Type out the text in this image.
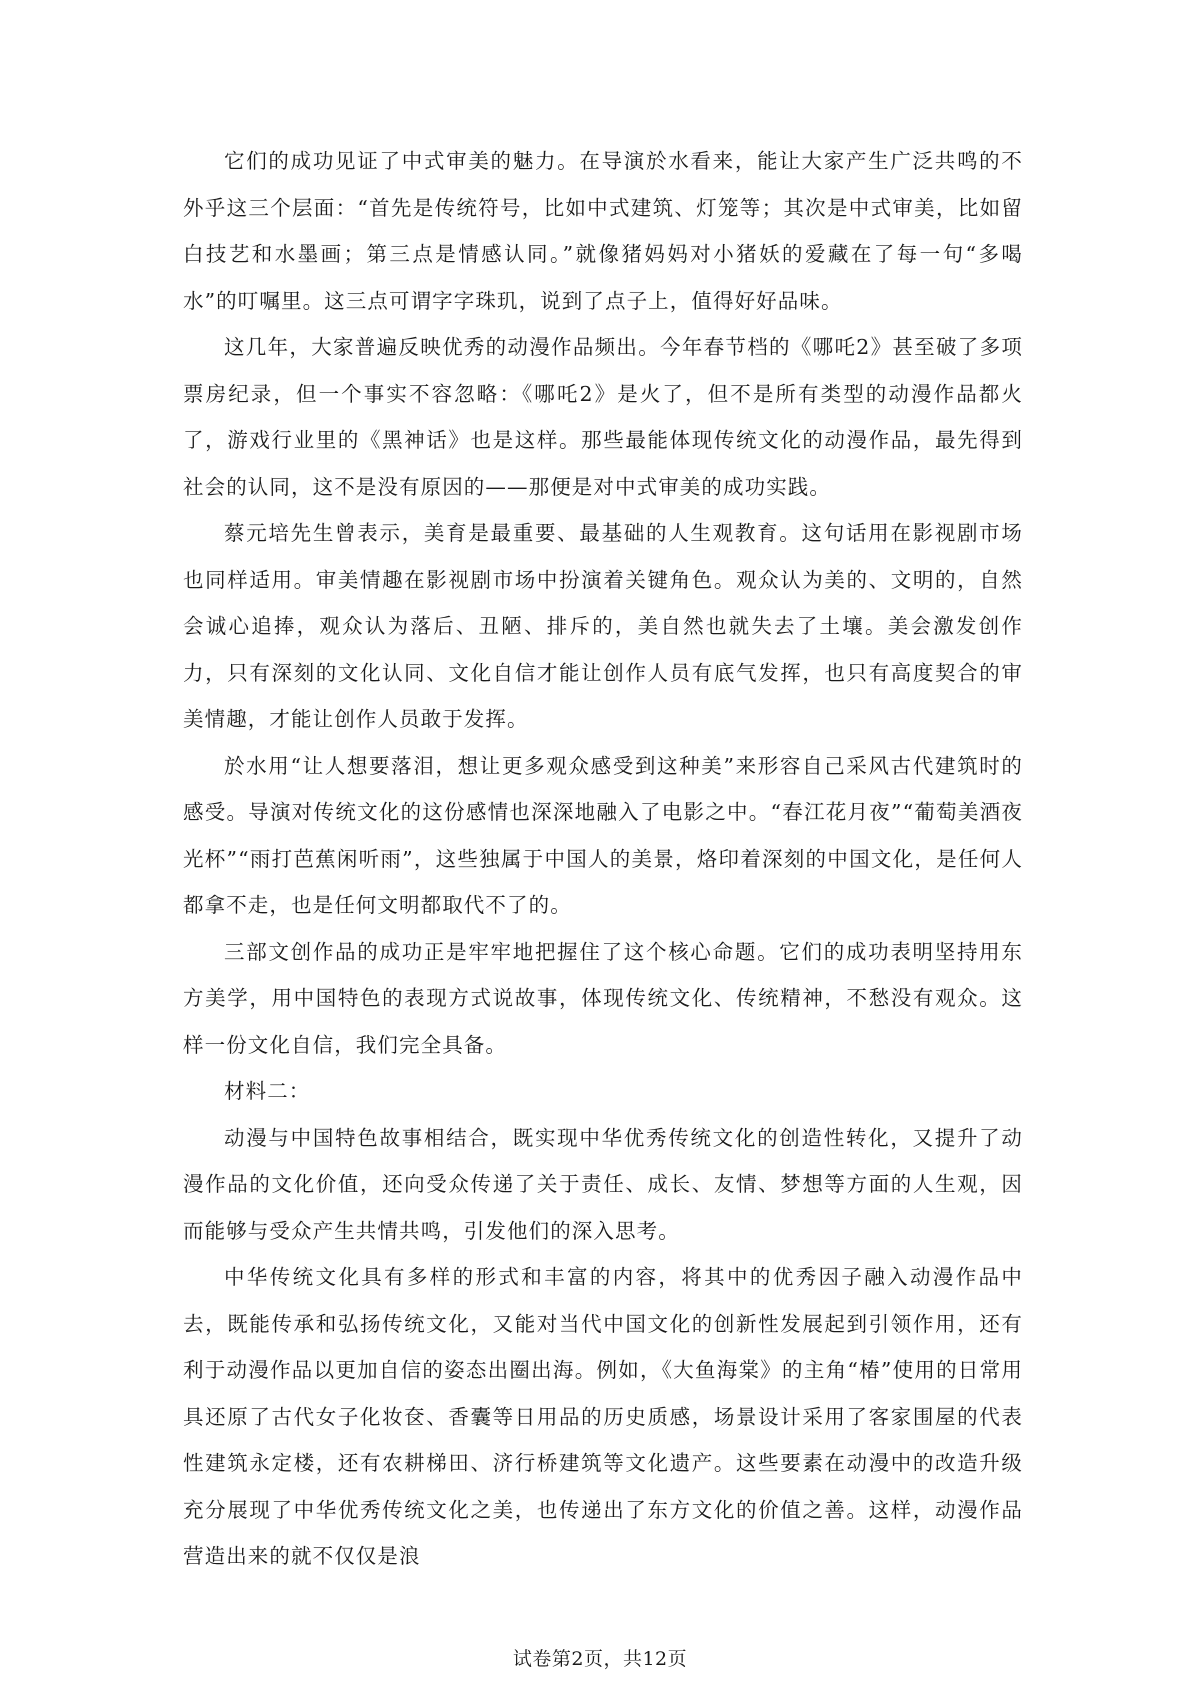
它们的成功见证了中式审美的魅力。在导演於水看来，能让大家产生广泛共鸣的不外乎这三个层面：“首先是传统符号，比如中式建筑、灯笼等；其次是中式审美，比如留白技艺和水墨画；第三点是情感认同。”就像猪妈妈对小猪妖的爱藏在了每一句“多喝水”的叮嘱里。这三点可谓字字珠玑，说到了点子上，值得好好品味。

这几年，大家普遍反映优秀的动漫作品频出。今年春节档的《哪吒2》甚至破了多项票房纪录，但一个事实不容忽略：《哪吒2》是火了，但不是所有类型的动漫作品都火了，游戏行业里的《黑神话》也是这样。那些最能体现传统文化的动漫作品，最先得到社会的认同，这不是没有原因的——那便是对中式审美的成功实践。

蔡元培先生曾表示，美育是最重要、最基础的人生观教育。这句话用在影视剧市场也同样适用。审美情趣在影视剧市场中扮演着关键角色。观众认为美的、文明的，自然会诚心追捧，观众认为落后、丑陋、排斥的，美自然也就失去了土壤。美会激发创作力，只有深刻的文化认同、文化自信才能让创作人员有底气发挥，也只有高度契合的审美情趣，才能让创作人员敢于发挥。

於水用“让人想要落泪，想让更多观众感受到这种美”来形容自己采风古代建筑时的感受。导演对传统文化的这份感情也深深地融入了电影之中。“春江花月夜”“葡萄美酒夜光杯”“雨打芭蕉闲听雨”，这些独属于中国人的美景，烙印着深刻的中国文化，是任何人都拿不走，也是任何文明都取代不了的。

三部文创作品的成功正是牢牢地把握住了这个核心命题。它们的成功表明坚持用东方美学，用中国特色的表现方式说故事，体现传统文化、传统精神，不愁没有观众。这样一份文化自信，我们完全具备。

材料二：

动漫与中国特色故事相结合，既实现中华优秀传统文化的创造性转化，又提升了动漫作品的文化价值，还向受众传递了关于责任、成长、友情、梦想等方面的人生观，因而能够与受众产生共情共鸣，引发他们的深入思考。

中华传统文化具有多样的形式和丰富的内容，将其中的优秀因子融入动漫作品中去，既能传承和弘扬传统文化，又能对当代中国文化的创新性发展起到引领作用，还有利于动漫作品以更加自信的姿态出圈出海。例如，《大鱼海棠》的主角“椿”使用的日常用具还原了古代女子化妆奁、香囊等日用品的历史质感，场景设计采用了客家围屋的代表性建筑永定楼，还有农耕梯田、济行桥建筑等文化遗产。这些要素在动漫中的改造升级充分展现了中华优秀传统文化之美，也传递出了东方文化的价值之善。这样，动漫作品营造出来的就不仅仅是浪

试卷第2页，共12页
